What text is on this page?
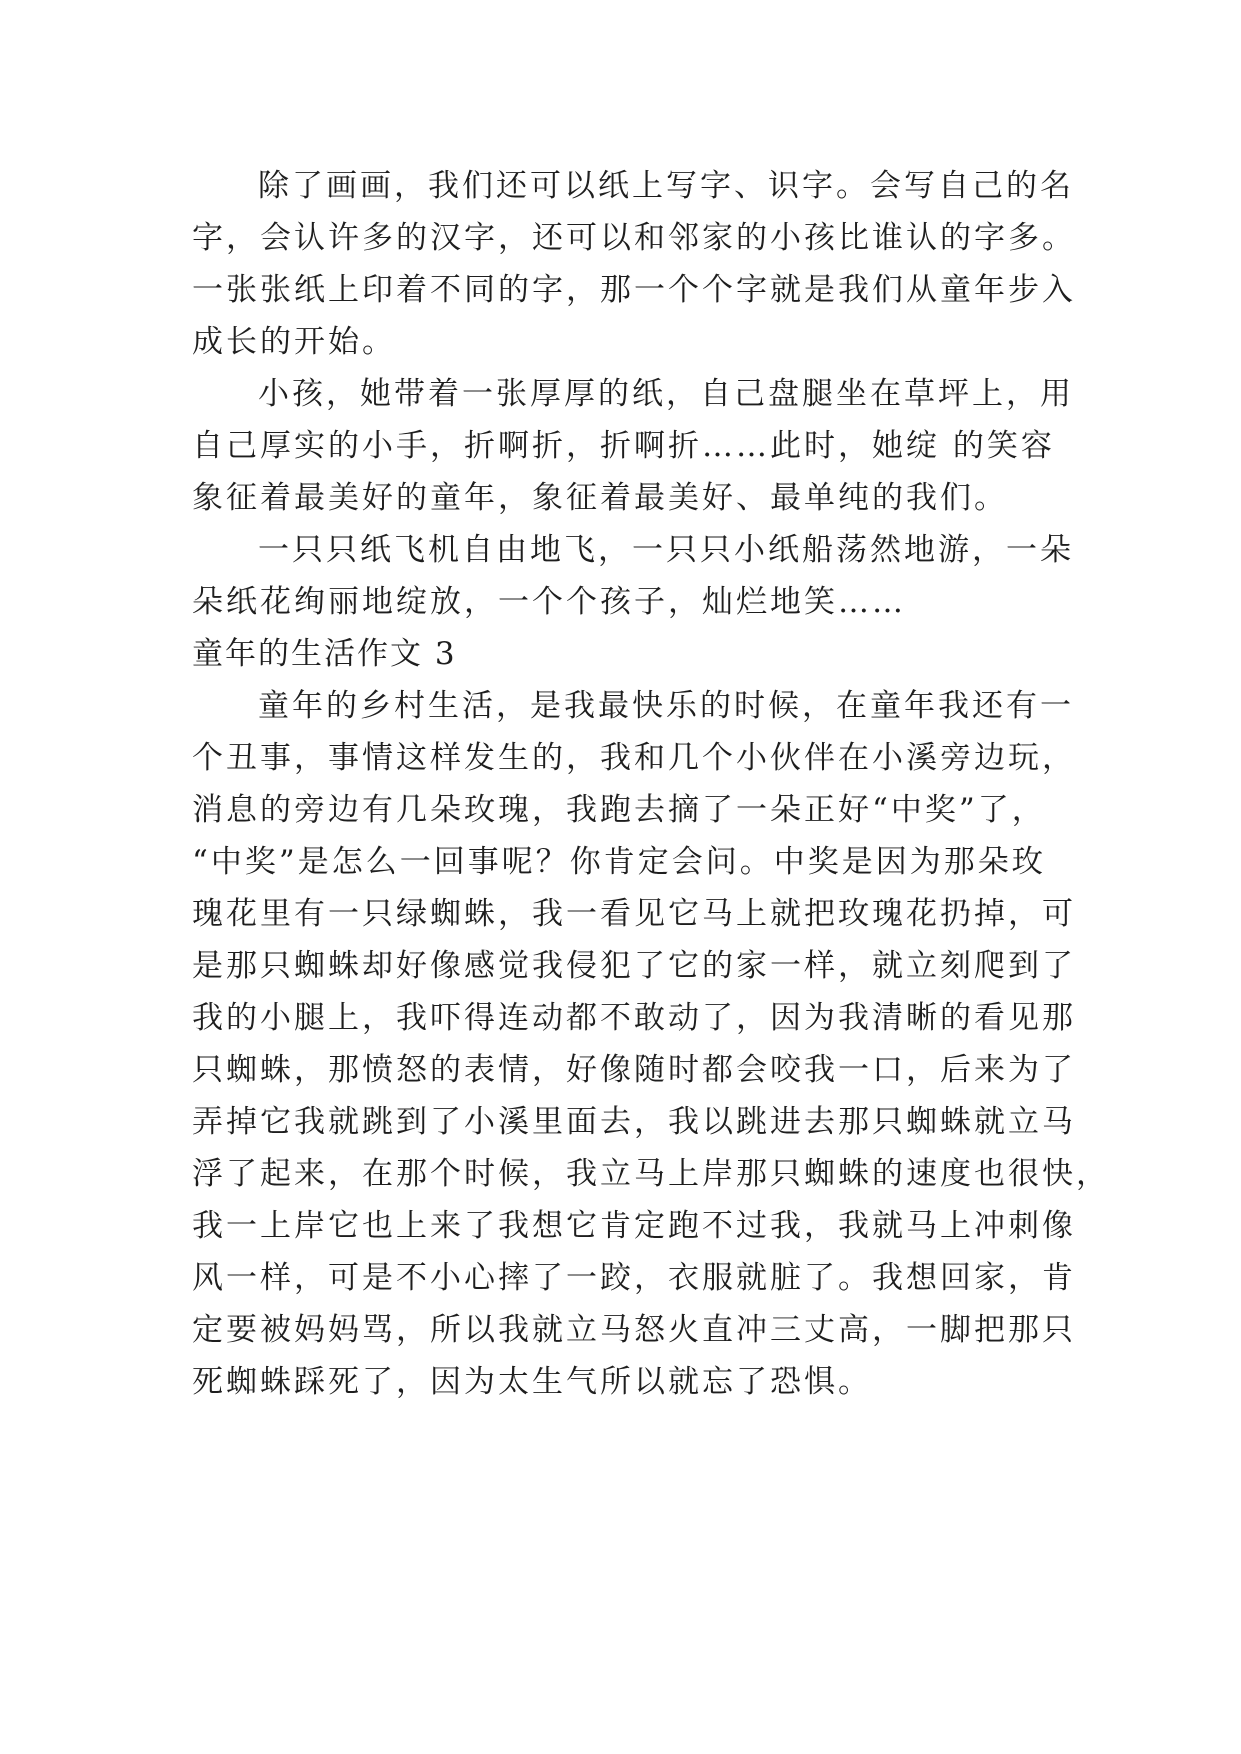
除了画画，我们还可以纸上写字、识字。会写自己的名
字，会认许多的汉字，还可以和邻家的小孩比谁认的字多。
一张张纸上印着不同的字，那一个个字就是我们从童年步入
成长的开始。
小孩，她带着一张厚厚的纸，自己盘腿坐在草坪上，用
自己厚实的小手，折啊折，折啊折……此时，她绽 的笑容
象征着最美好的童年，象征着最美好、最单纯的我们。
一只只纸飞机自由地飞，一只只小纸船荡然地游，一朵
朵纸花绚丽地绽放，一个个孩子，灿烂地笑……
童年的生活作文 3
童年的乡村生活，是我最快乐的时候，在童年我还有一
个丑事，事情这样发生的，我和几个小伙伴在小溪旁边玩，
消息的旁边有几朵玫瑰，我跑去摘了一朵正好“中奖”了，
“中奖”是怎么一回事呢？你肯定会问。中奖是因为那朵玫
瑰花里有一只绿蜘蛛，我一看见它马上就把玫瑰花扔掉，可
是那只蜘蛛却好像感觉我侵犯了它的家一样，就立刻爬到了
我的小腿上，我吓得连动都不敢动了，因为我清晰的看见那
只蜘蛛，那愤怒的表情，好像随时都会咬我一口，后来为了
弄掉它我就跳到了小溪里面去，我以跳进去那只蜘蛛就立马
浮了起来，在那个时候，我立马上岸那只蜘蛛的速度也很快，
我一上岸它也上来了我想它肯定跑不过我，我就马上冲刺像
风一样，可是不小心摔了一跤，衣服就脏了。我想回家，肯
定要被妈妈骂，所以我就立马怒火直冲三丈高，一脚把那只
死蜘蛛踩死了，因为太生气所以就忘了恐惧。
